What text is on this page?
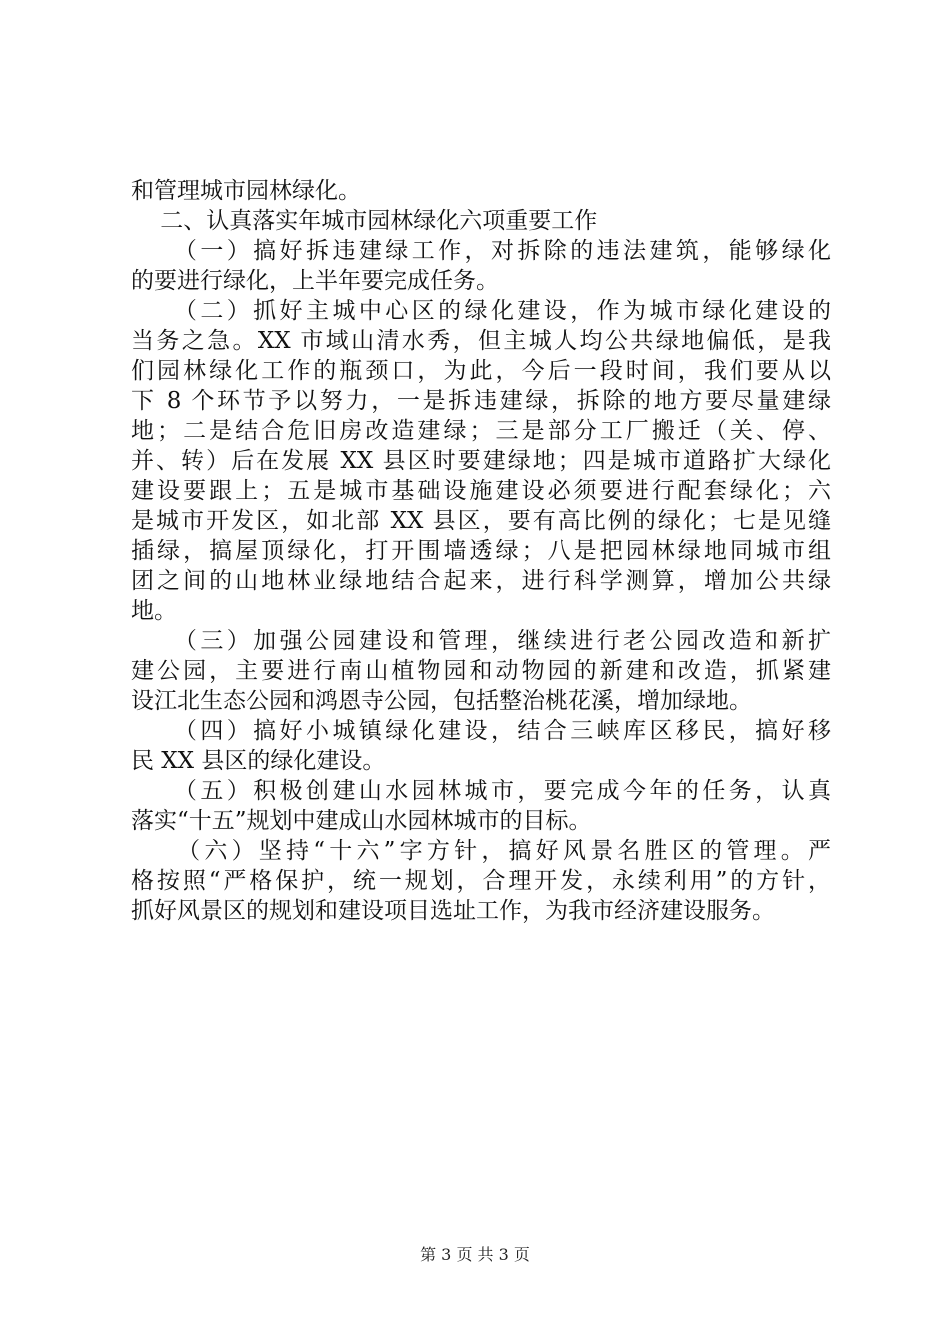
和管理城市园林绿化。
二、认真落实年城市园林绿化六项重要工作
（一）搞好拆违建绿工作，对拆除的违法建筑，能够绿化
的要进行绿化，上半年要完成任务。
（二）抓好主城中心区的绿化建设，作为城市绿化建设的
当务之急。XX 市域山清水秀，但主城人均公共绿地偏低，是我
们园林绿化工作的瓶颈口，为此，今后一段时间，我们要从以
下 8 个环节予以努力，一是拆违建绿，拆除的地方要尽量建绿
地；二是结合危旧房改造建绿；三是部分工厂搬迁（关、停、
并、转）后在发展 XX 县区时要建绿地；四是城市道路扩大绿化
建设要跟上；五是城市基础设施建设必须要进行配套绿化；六
是城市开发区，如北部 XX 县区，要有高比例的绿化；七是见缝
插绿，搞屋顶绿化，打开围墙透绿；八是把园林绿地同城市组
团之间的山地林业绿地结合起来，进行科学测算，增加公共绿
地。
（三）加强公园建设和管理，继续进行老公园改造和新扩
建公园，主要进行南山植物园和动物园的新建和改造，抓紧建
设江北生态公园和鸿恩寺公园，包括整治桃花溪，增加绿地。
（四）搞好小城镇绿化建设，结合三峡库区移民，搞好移
民 XX 县区的绿化建设。
（五）积极创建山水园林城市，要完成今年的任务，认真
落实“十五”规划中建成山水园林城市的目标。
（六）坚持“十六”字方针，搞好风景名胜区的管理。严
格按照“严格保护，统一规划，合理开发，永续利用”的方针，
抓好风景区的规划和建设项目选址工作，为我市经济建设服务。
第 3 页 共 3 页
